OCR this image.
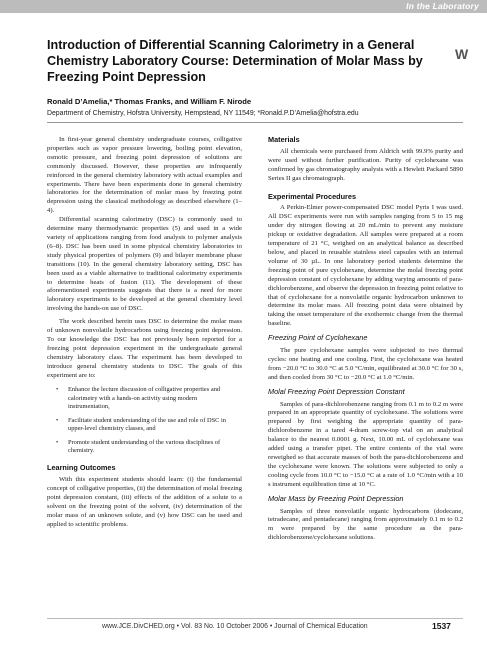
In the Laboratory
W
Introduction of Differential Scanning Calorimetry in a General Chemistry Laboratory Course: Determination of Molar Mass by Freezing Point Depression
Ronald D’Amelia,* Thomas Franks, and William F. Nirode
Department of Chemistry, Hofstra University, Hempstead, NY 11549; *Ronald.P.D’Amelia@hofstra.edu

In first-year general chemistry undergraduate courses, colligative properties such as vapor pressure lowering, boiling point elevation, osmotic pressure, and freezing point depression of solutions are commonly discussed. However, these properties are infrequently reinforced in the general chemistry laboratory with actual examples and experiments. There have been experiments done in general chemistry laboratories for the determination of molar mass by freezing point depression using the classical methodology as described elsewhere (1–4).

Differential scanning calorimetry (DSC) is commonly used to determine many thermodynamic properties (5) and used in a wide variety of applications ranging from food analysis to polymer analysis (6–8). DSC has been used in some physical chemistry laboratories to study physical properties of polymers (9) and bilayer membrane phase transitions (10). In the general chemistry laboratory setting, DSC has been used as a viable alternative to traditional calorimetry experiments to determine heats of fusion (11). The development of these aforementioned experiments suggests that there is a need for more laboratory experiments to be developed at the general chemistry level involving the hands-on use of DSC.

The work described herein uses DSC to determine the molar mass of unknown nonvolatile hydrocarbons using freezing point depression. To our knowledge the DSC has not previously been reported for a freezing point depression experiment in the undergraduate general chemistry laboratory class. The experiment has been developed to introduce general chemistry students to DSC. The goals of this experiment are to:

• Enhance the lecture discussion of colligative properties and calorimetry with a hands-on activity using modern instrumentation,
• Facilitate student understanding of the use and role of DSC in upper-level chemistry classes, and
• Promote student understanding of the various disciplines of chemistry.
Learning Outcomes

With this experiment students should learn: (i) the fundamental concept of colligative properties, (ii) the determination of molal freezing point depression constant, (iii) effects of the addition of a solute to a solvent on the freezing point of the solvent, (iv) determination of the molar mass of an unknown solute, and (v) how DSC can be used and applied to scientific problems.

Materials

All chemicals were purchased from Aldrich with 99.9% purity and were used without further purification. Purity of cyclohexane was confirmed by gas chromatography analysis with a Hewlett Packard 5890 Series II gas chromatograph.

Experimental Procedures

A Perkin-Elmer power-compensated DSC model Pyris I was used. All DSC experiments were run with samples ranging from 5 to 15 mg under dry nitrogen flowing at 20 mL/min to prevent any moisture pickup or oxidative degradation. All samples were prepared at a room temperature of 21 °C, weighed on an analytical balance as described below, and placed in reusable stainless steel capsules with an internal volume of 30 µL. In one laboratory period students determine the freezing point of pure cyclohexane, determine the molal freezing point depression constant of cyclohexane by adding varying amounts of para-dichlorobenzene, and observe the depression in freezing point relative to that of cyclohexane for a nonvolatile organic hydrocarbon unknown to determine its molar mass. All freezing point data were obtained by taking the onset temperature of the exothermic change from the thermal baseline.

Freezing Point of Cyclohexane

The pure cyclohexane samples were subjected to two thermal cycles: one heating and one cooling. First, the cyclohexane was heated from −20.0 °C to 30.0 °C at 5.0 °C/min, equilibrated at 30.0 °C for 30 s, and then cooled from 30 °C to −20.0 °C at 1.0 °C/min.

Molal Freezing Point Depression Constant

Samples of para-dichlorobenzene ranging from 0.1 m to 0.2 m were prepared in an appropriate quantity of cyclohexane. The solutions were prepared by first weighing the appropriate quantity of para-dichlorobenzene in a tared 4-dram screw-top vial on an analytical balance to the nearest 0.0001 g. Next, 10.00 mL of cyclohexane was added using a transfer pipet. The entire contents of the vial were reweighed so that accurate masses of both the para-dichlorobenzene and the cyclohexane were known. The solutions were subjected to only a cooling cycle from 10.0 °C to −15.0 °C at a rate of 1.0 °C/min with a 10 s instrument equilibration time at 10 °C.

Molar Mass by Freezing Point Depression

Samples of three nonvolatile organic hydrocarbons (dodecane, tetradecane, and pentadecane) ranging from approximately 0.1 m to 0.2 m were prepared by the same procedure as the para-dichlorobenzene/cyclohexane solutions.

www.JCE.DivCHED.org • Vol. 83 No. 10 October 2006 • Journal of Chemical Education	1537
